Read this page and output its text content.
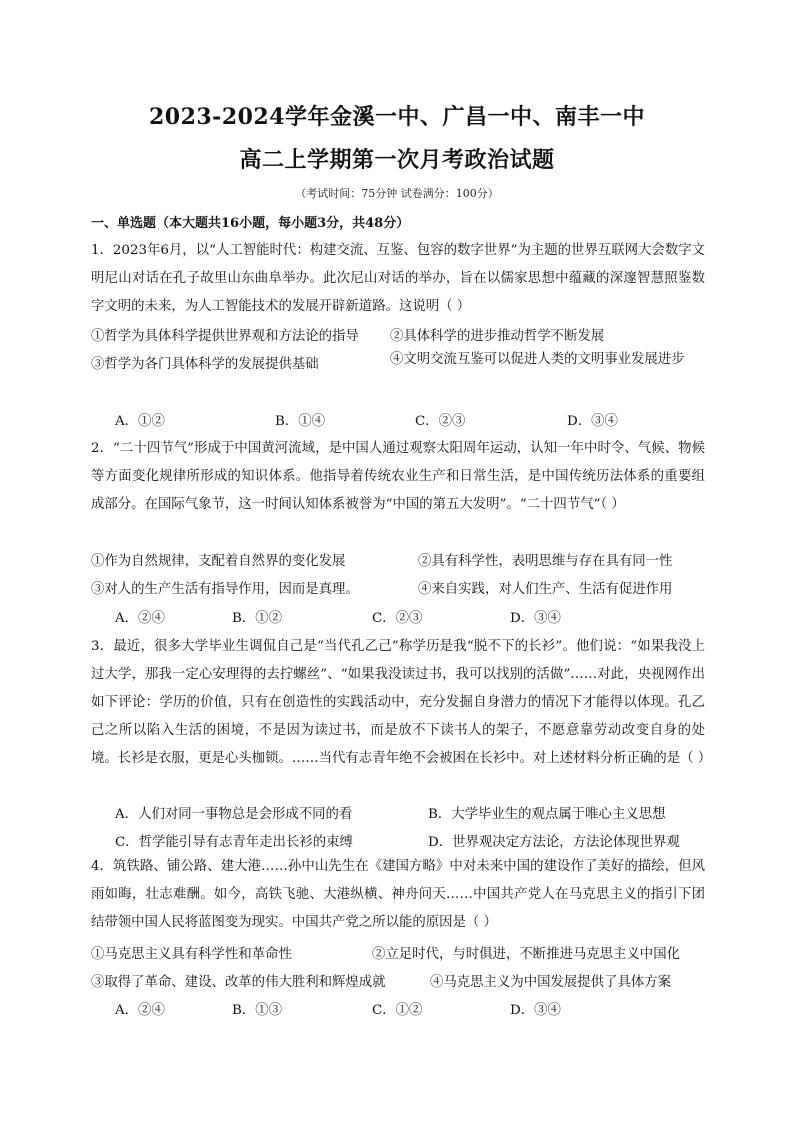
2023-2024学年金溪一中、广昌一中、南丰一中
高二上学期第一次月考政治试题
（考试时间：75分钟 试卷满分：100分）
一、单选题（本大题共16小题，每小题3分，共48分）
1．2023年6月，以“人工智能时代：构建交流、互鉴、包容的数字世界”为主题的世界互联网大会数字文明尼山对话在孔子故里山东曲阜举办。此次尼山对话的举办，旨在以儒家思想中蕴藏的深邃智慧照鉴数字文明的未来，为人工智能技术的发展开辟新道路。这说明（ ）
①哲学为具体科学提供世界观和方法论的指导 ②具体科学的进步推动哲学不断发展
③哲学为各门具体科学的发展提供基础	④文明交流互鉴可以促进人类的文明事业发展进步
A．①②	B．①④	C．②③	D．③④
2．“二十四节气”形成于中国黄河流域，是中国人通过观察太阳周年运动，认知一年中时令、气候、物候等方面变化规律所形成的知识体系。他指导着传统农业生产和日常生活，是中国传统历法体系的重要组成部分。在国际气象节，这一时间认知体系被誉为“中国的第五大发明”。“二十四节气”（ ）
①作为自然规律，支配着自然界的变化发展	②具有科学性，表明思维与存在具有同一性
③对人的生产生活有指导作用，因而是真理。	④来自实践，对人们生产、生活有促进作用
A．②④	B．①②	C．②③	D．③④
3．最近，很多大学毕业生调侃自己是“当代孔乙己”称学历是我“脱不下的长衫”。他们说：“如果我没上过大学，那我一定心安理得的去拧螺丝”、“如果我没读过书，我可以找别的活做”……对此，央视网作出如下评论：学历的价值，只有在创造性的实践活动中，充分发掘自身潜力的情况下才能得以体现。孔乙己之所以陷入生活的困境，不是因为读过书，而是放不下读书人的架子，不愿意靠劳动改变自身的处境。长衫是衣服，更是心头枷锁。……当代有志青年绝不会被困在长衫中。对上述材料分析正确的是（ ）
A．人们对同一事物总是会形成不同的看	B．大学毕业生的观点属于唯心主义思想
C．哲学能引导有志青年走出长衫的束缚	D．世界观决定方法论，方法论体现世界观
4．筑铁路、铺公路、建大港……孙中山先生在《建国方略》中对未来中国的建设作了美好的描绘，但风雨如晦，壮志难酬。如今，高铁飞驰、大港纵横、神舟问天……中国共产党人在马克思主义的指引下团结带领中国人民将蓝图变为现实。中国共产党之所以能的原因是（ ）
①马克思主义具有科学性和革命性	②立足时代，与时俱进，不断推进马克思主义中国化
③取得了革命、建设、改革的伟大胜利和辉煌成就	④马克思主义为中国发展提供了具体方案
A．②④	B．①③	C．①②	D．③④
